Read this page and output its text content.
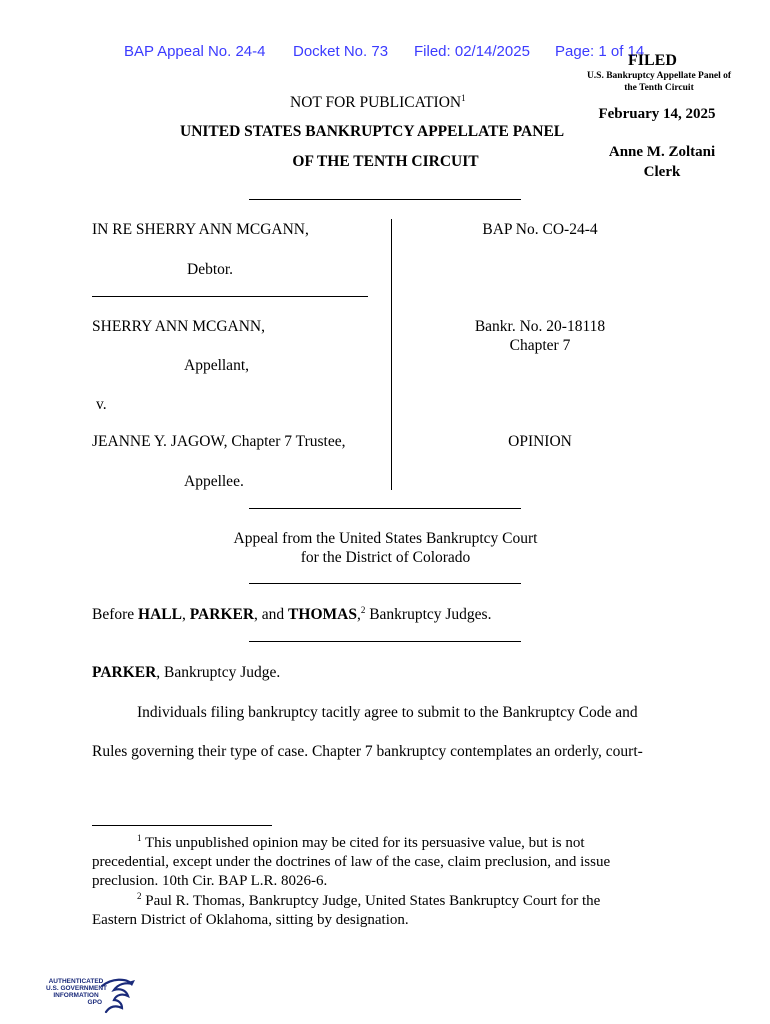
BAP Appeal No. 24-4 Docket No. 73 Filed: 02/14/2025 Page: 1 of 14
FILED
U.S. Bankruptcy Appellate Panel of the Tenth Circuit
February 14, 2025
Anne M. Zoltani
Clerk
NOT FOR PUBLICATION$^1$
UNITED STATES BANKRUPTCY APPELLATE PANEL
OF THE TENTH CIRCUIT
IN RE SHERRY ANN MCGANN,
Debtor.
SHERRY ANN MCGANN,
Appellant,
v.
JEANNE Y. JAGOW, Chapter 7 Trustee,
Appellee.
BAP No. CO-24-4
Bankr. No. 20-18118
Chapter 7
OPINION
Appeal from the United States Bankruptcy Court
for the District of Colorado
Before HALL, PARKER, and THOMAS,$^2$ Bankruptcy Judges.
PARKER, Bankruptcy Judge.
Individuals filing bankruptcy tacitly agree to submit to the Bankruptcy Code and
Rules governing their type of case. Chapter 7 bankruptcy contemplates an orderly, court-
$^1$ This unpublished opinion may be cited for its persuasive value, but is not
precedential, except under the doctrines of law of the case, claim preclusion, and issue
preclusion. 10th Cir. BAP L.R. 8026-6.
$^2$ Paul R. Thomas, Bankruptcy Judge, United States Bankruptcy Court for the
Eastern District of Oklahoma, sitting by designation.
AUTHENTICATED
U.S. GOVERNMENT
INFORMATION
GPO
